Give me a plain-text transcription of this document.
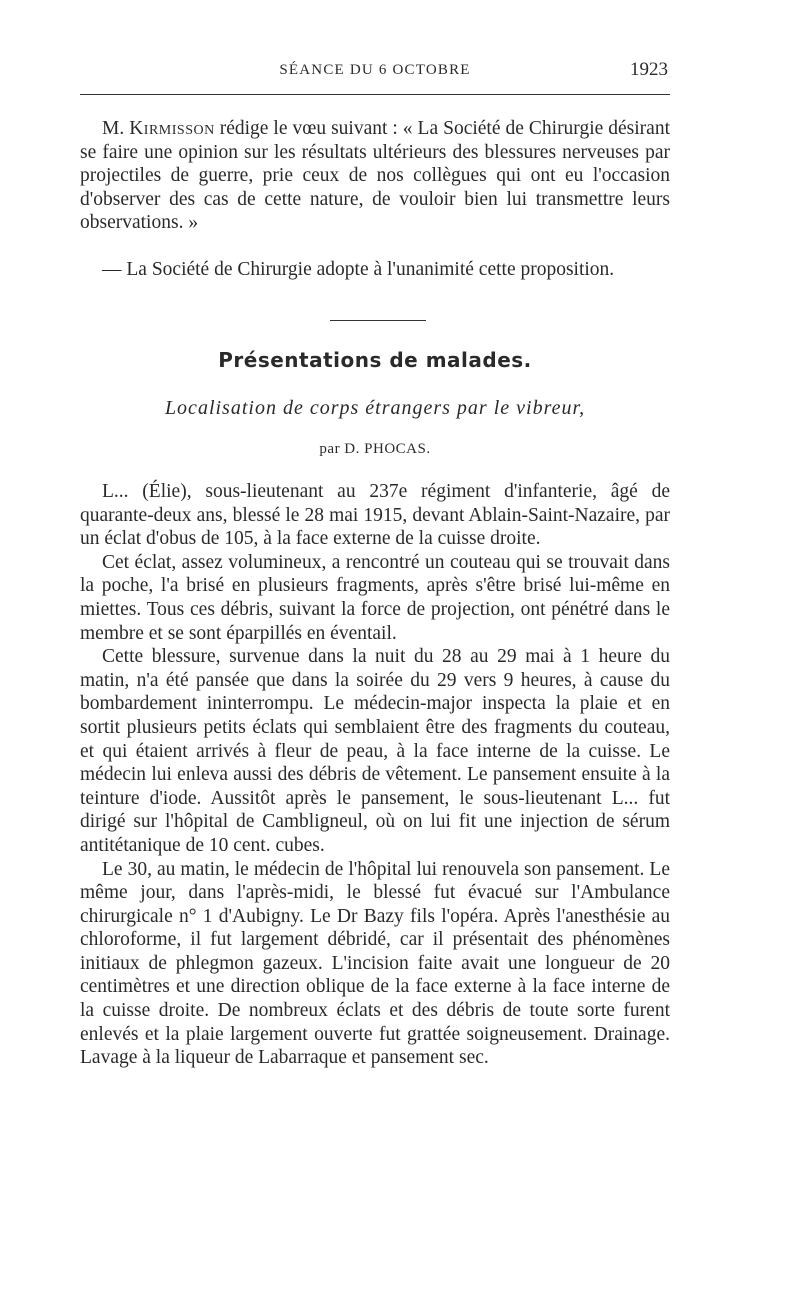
SÉANCE DU 6 OCTOBRE	1923

M. Kirmisson rédige le vœu suivant : « La Société de Chirurgie désirant se faire une opinion sur les résultats ultérieurs des blessures nerveuses par projectiles de guerre, prie ceux de nos collègues qui ont eu l'occasion d'observer des cas de cette nature, de vouloir bien lui transmettre leurs observations. »

— La Société de Chirurgie adopte à l'unanimité cette proposition.

Présentations de malades.
Localisation de corps étrangers par le vibreur,
par D. PHOCAS.

L... (Élie), sous-lieutenant au 237e régiment d'infanterie, âgé de quarante-deux ans, blessé le 28 mai 1915, devant Ablain-Saint-Nazaire, par un éclat d'obus de 105, à la face externe de la cuisse droite.

Cet éclat, assez volumineux, a rencontré un couteau qui se trouvait dans la poche, l'a brisé en plusieurs fragments, après s'être brisé lui-même en miettes. Tous ces débris, suivant la force de projection, ont pénétré dans le membre et se sont éparpillés en éventail.

Cette blessure, survenue dans la nuit du 28 au 29 mai à 1 heure du matin, n'a été pansée que dans la soirée du 29 vers 9 heures, à cause du bombardement ininterrompu. Le médecin-major inspecta la plaie et en sortit plusieurs petits éclats qui semblaient être des fragments du couteau, et qui étaient arrivés à fleur de peau, à la face interne de la cuisse. Le médecin lui enleva aussi des débris de vêtement. Le pansement ensuite à la teinture d'iode. Aussitôt après le pansement, le sous-lieutenant L... fut dirigé sur l'hôpital de Cambligneul, où on lui fit une injection de sérum antitétanique de 10 cent. cubes.

Le 30, au matin, le médecin de l'hôpital lui renouvela son pansement. Le même jour, dans l'après-midi, le blessé fut évacué sur l'Ambulance chirurgicale n° 1 d'Aubigny. Le Dr Bazy fils l'opéra. Après l'anesthésie au chloroforme, il fut largement débridé, car il présentait des phénomènes initiaux de phlegmon gazeux. L'incision faite avait une longueur de 20 centimètres et une direction oblique de la face externe à la face interne de la cuisse droite. De nombreux éclats et des débris de toute sorte furent enlevés et la plaie largement ouverte fut grattée soigneusement. Drainage. Lavage à la liqueur de Labarraque et pansement sec.
